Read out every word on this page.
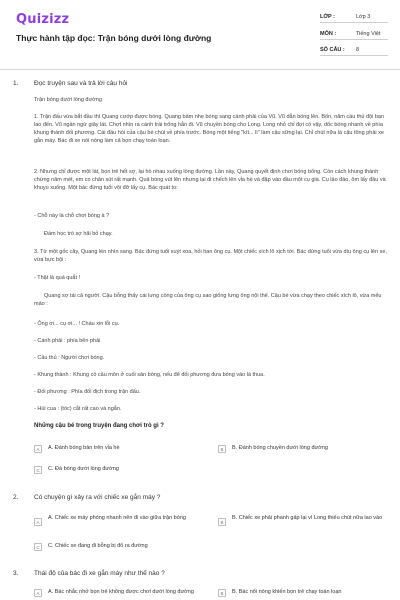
Quizizz
Thực hành tập đọc: Trận bóng dưới lòng đường
LỚP :	Lớp 3
MÔN :	Tiếng Việt
SỐ CÂU : 8
1. Đọc truyện sau và trả lời câu hỏi
Trận bóng dưới lòng đường
1. Trận đấu vừa bắt đầu thì Quang cướp được bóng. Quang bấm nhẹ bóng sang cánh phải của Vũ. Vũ dẫn bóng lên. Bốn, năm cầu thủ đội bạn lao đến. Vũ ngần ngừ giây lát. Chợt nhìn ra cánh trái trống hẳn đi. Vũ chuyền bóng cho Long. Long nhỏ chỉ đợi có vậy, dốc bóng nhanh về phía khung thành đối phương. Cái đầu hói của cậu bé chúi về phía trước. Bóng một tiếng "kít... lì" làm cậu sững lại. Chỉ chút nữa là cậu tông phải xe gắn máy. Bác đi xe nói nóng làm cả bọn chạy toán loạn.
2. Nhưng chỉ được một lát, bọn trẻ hết sợ, lại hò nhau xuống lòng đường. Lần này, Quang quyết định chơi bóng bổng. Còn cách khung thành chừng năm mét, em co chân sút rất mạnh. Quả bóng vút lên nhưng lại đi chếch lên vỉa hè và đập vào đầu một cụ già. Cụ lảo đảo, ôm lấy đầu và khuỵu xuống. Một bác đứng tuổi vội đỡ lấy cụ. Bác quát to:
- Chỗ này là chỗ chơi bóng à ?
Đám học trò sợ hãi bỏ chạy.
3. Từ một gốc cây, Quang lén nhìn sang. Bác đứng tuổi xuýt xoa, hỏi han ông cụ. Một chiếc xích lô xịch tới. Bác đứng tuổi vừa dìu ông cụ lên xe, vừa bực bội :
- Thật là quá quắt !
Quang sợ tái cả người. Cậu bỗng thấy cái lưng còng của ông cụ sao giống lưng ông nội thế. Cậu bé vừa chạy theo chiếc xích lô, vừa mếu máo :
- Ông ơi... cụ ơi... ! Cháu xin lỗi cụ.
- Cánh phải : phía bên phải
- Cầu thủ : Người chơi bóng.
- Khung thành : Khung có cầu môn ở cuối sân bóng, nếu để đối phương đưa bóng vào là thua.
- Đối phương : Phía đối địch trong trận đấu.
- Húi cua : (tóc) cắt rất cao và ngắn.
Những cậu bé trong truyện đang chơi trò gì ?
A	A. Đánh bóng bàn trên vỉa hè	B	B. Đánh bóng chuyền dưới lòng đường
C	C. Đá bóng dưới lòng đường
2. Có chuyện gì xảy ra với chiếc xe gắn máy ?
A
A. Chiếc xe máy phóng nhanh nên đi vào giữa trận bóng
B
B. Chiếc xe phải phanh gấp lại vì Long thiếu chút nữa lao vào
C	C. Chiếc xe đang đi bỗng bị đổ ra đường
3. Thái độ của bác đi xe gắn máy như thế nào ?
A	A. Bác nhắc nhở bọn trẻ không được chơi dưới lòng đường	B	B. Bác nổi nóng khiến bọn trẻ chạy toán loạn
